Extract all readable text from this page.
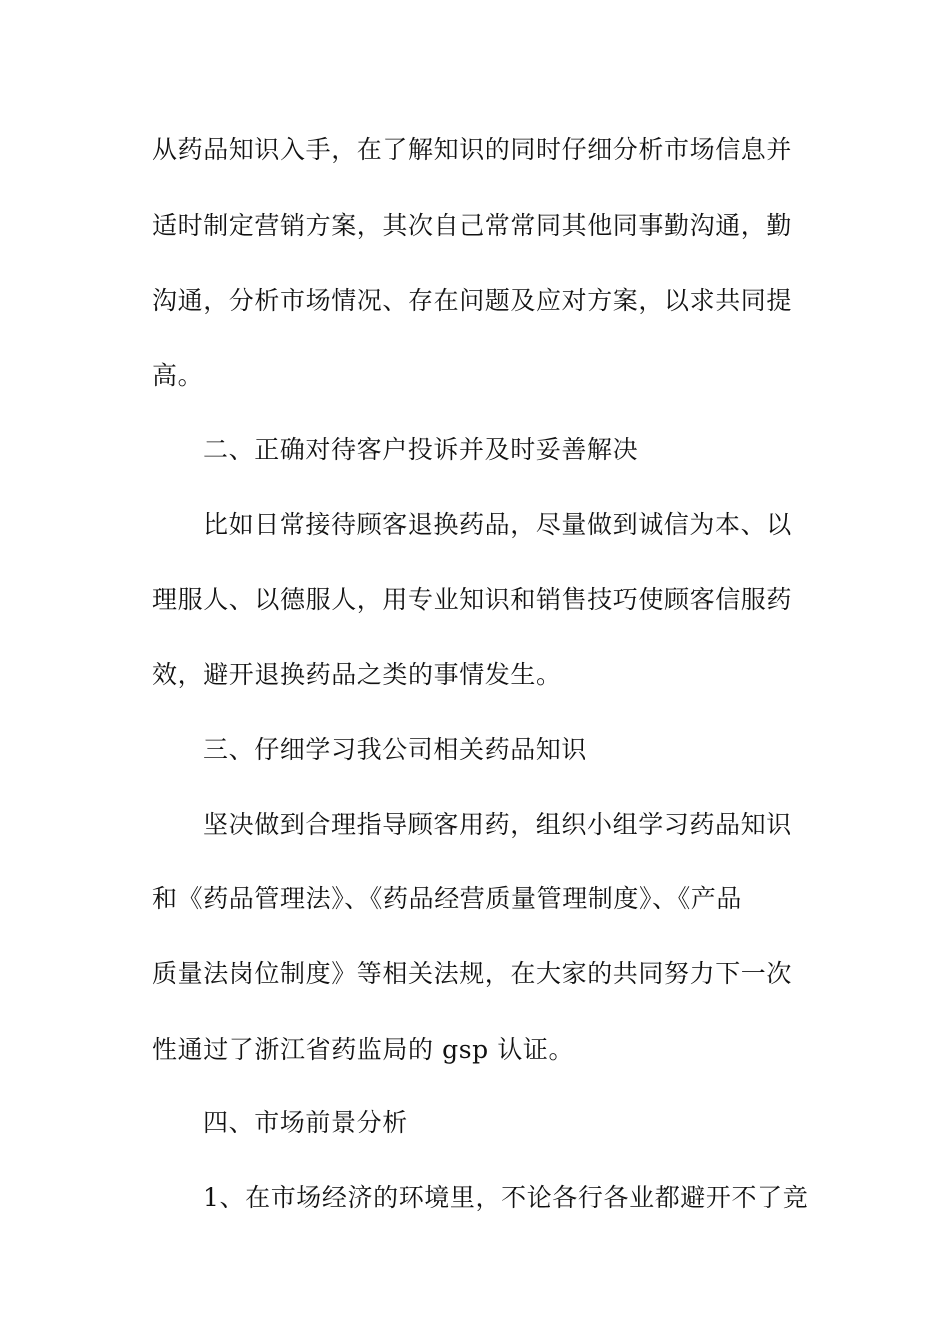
从药品知识入手，在了解知识的同时仔细分析市场信息并
适时制定营销方案，其次自己常常同其他同事勤沟通，勤
沟通，分析市场情况、存在问题及应对方案，以求共同提
高。
二、正确对待客户投诉并及时妥善解决
比如日常接待顾客退换药品，尽量做到诚信为本、以
理服人、以德服人，用专业知识和销售技巧使顾客信服药
效，避开退换药品之类的事情发生。
三、仔细学习我公司相关药品知识
坚决做到合理指导顾客用药，组织小组学习药品知识
和《药品管理法》、《药品经营质量管理制度》、《产品
质量法岗位制度》等相关法规，在大家的共同努力下一次
性通过了浙江省药监局的 gsp 认证。
四、市场前景分析
1、在市场经济的环境里，不论各行各业都避开不了竞
